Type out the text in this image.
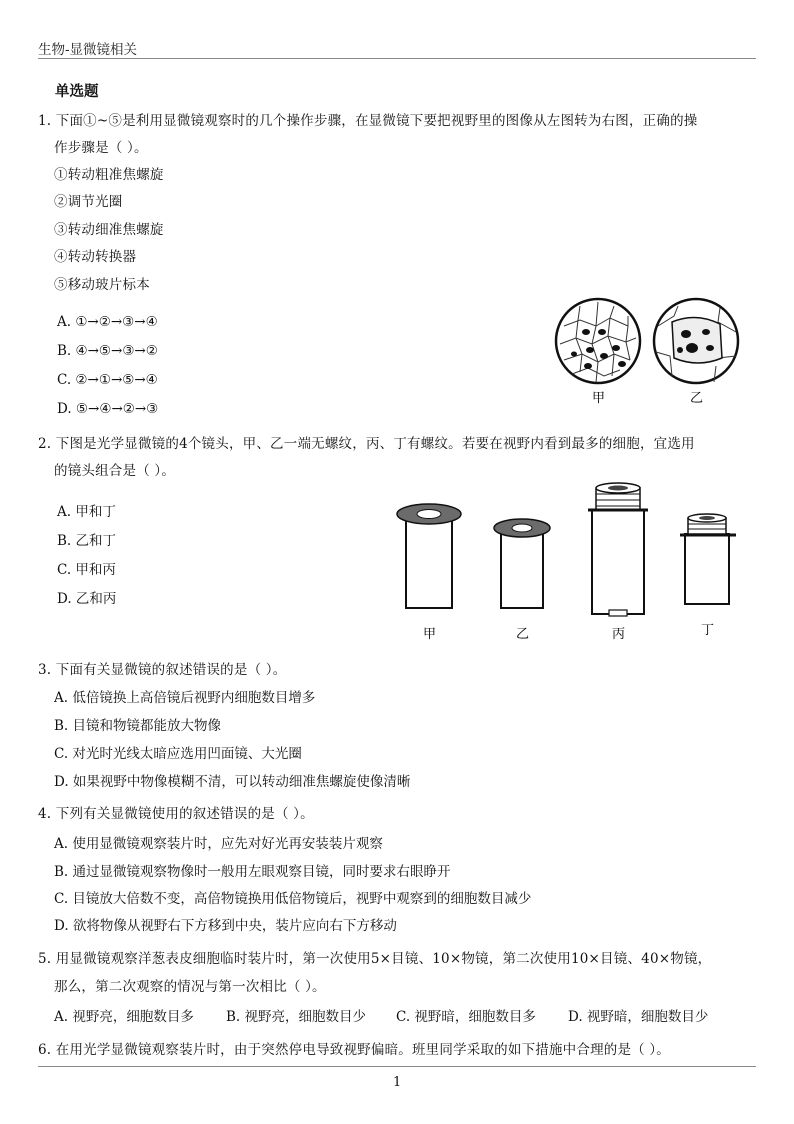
生物-显微镜相关
单选题
1. 下面①~⑤是利用显微镜观察时的几个操作步骤，在显微镜下要把视野里的图像从左图转为右图，正确的操
作步骤是（ ）。
①转动粗准焦螺旋
②调节光圈
③转动细准焦螺旋
④转动转换器
⑤移动玻片标本
A. ①→②→③→④
B. ④→⑤→③→②
C. ②→①→⑤→④
D. ⑤→④→②→③
甲	乙
2. 下图是光学显微镜的4个镜头，甲、乙一端无螺纹，丙、丁有螺纹。若要在视野内看到最多的细胞，宜选用
的镜头组合是（ ）。
A. 甲和丁
B. 乙和丁
C. 甲和丙
D. 乙和丙
甲	乙	丙	丁
3. 下面有关显微镜的叙述错误的是（ ）。
A. 低倍镜换上高倍镜后视野内细胞数目增多
B. 目镜和物镜都能放大物像
C. 对光时光线太暗应选用凹面镜、大光圈
D. 如果视野中物像模糊不清，可以转动细准焦螺旋使像清晰
4. 下列有关显微镜使用的叙述错误的是（ ）。
A. 使用显微镜观察装片时，应先对好光再安装装片观察
B. 通过显微镜观察物像时一般用左眼观察目镜，同时要求右眼睁开
C. 目镜放大倍数不变，高倍物镜换用低倍物镜后，视野中观察到的细胞数目减少
D. 欲将物像从视野右下方移到中央，装片应向右下方移动
5. 用显微镜观察洋葱表皮细胞临时装片时，第一次使用5×目镜、10×物镜，第二次使用10×目镜、40×物镜，
那么，第二次观察的情况与第一次相比（ ）。
A. 视野亮，细胞数目多 B. 视野亮，细胞数目少 C. 视野暗，细胞数目多 D. 视野暗，细胞数目少
6. 在用光学显微镜观察装片时，由于突然停电导致视野偏暗。班里同学采取的如下措施中合理的是（ ）。
1
